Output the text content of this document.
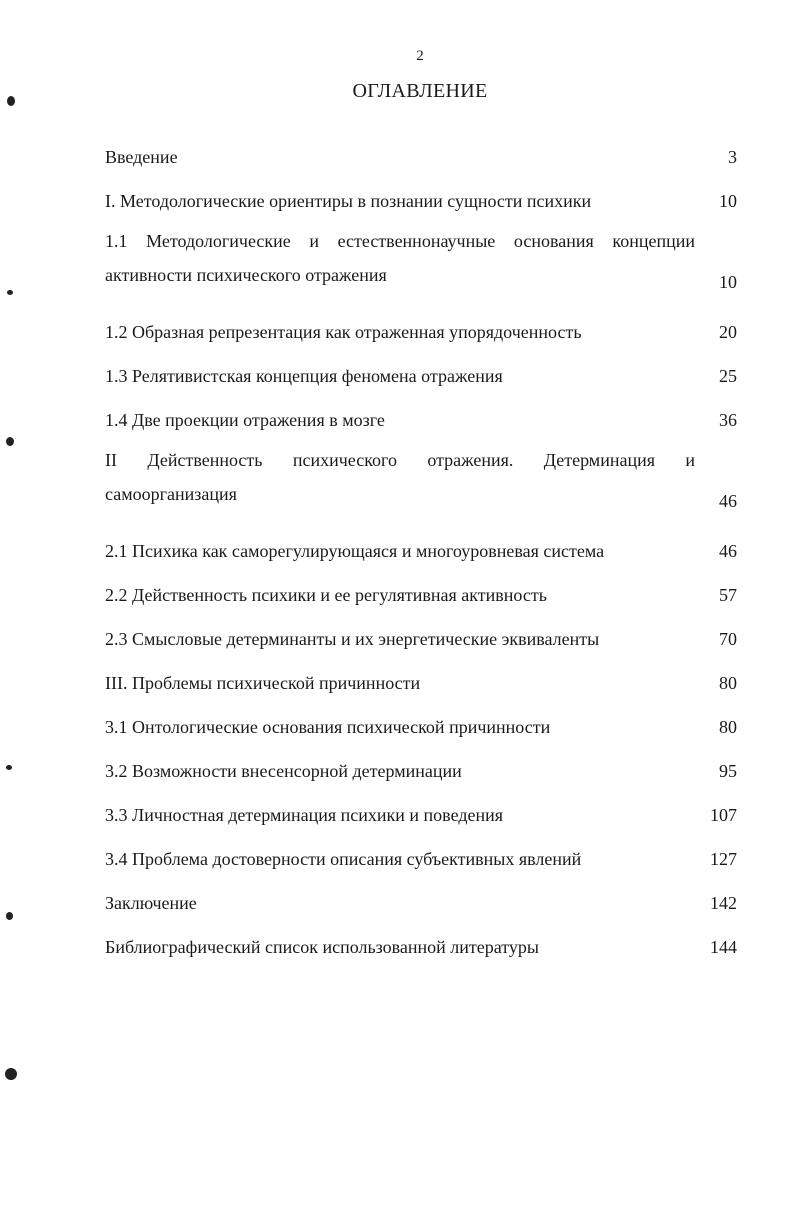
2
ОГЛАВЛЕНИЕ
Введение	3
I. Методологические ориентиры в познании сущности психики	10
1.1 Методологические и естественнонаучные основания концепции
активности психического отражения	10
1.2 Образная репрезентация как отраженная упорядоченность	20
1.3 Релятивистская концепция феномена отражения	25
1.4 Две проекции отражения в мозге	36
II Действенность психического отражения. Детерминация и
самоорганизация	46
2.1 Психика как саморегулирующаяся и многоуровневая система	46
2.2 Действенность психики и ее регулятивная активность	57
2.3 Смысловые детерминанты и их энергетические эквиваленты	70
III. Проблемы психической причинности	80
3.1 Онтологические основания психической причинности	80
3.2 Возможности внесенсорной детерминации	95
3.3 Личностная детерминация психики и поведения	107
3.4 Проблема достоверности описания субъективных явлений	127
Заключение	142
Библиографический список использованной литературы	144
